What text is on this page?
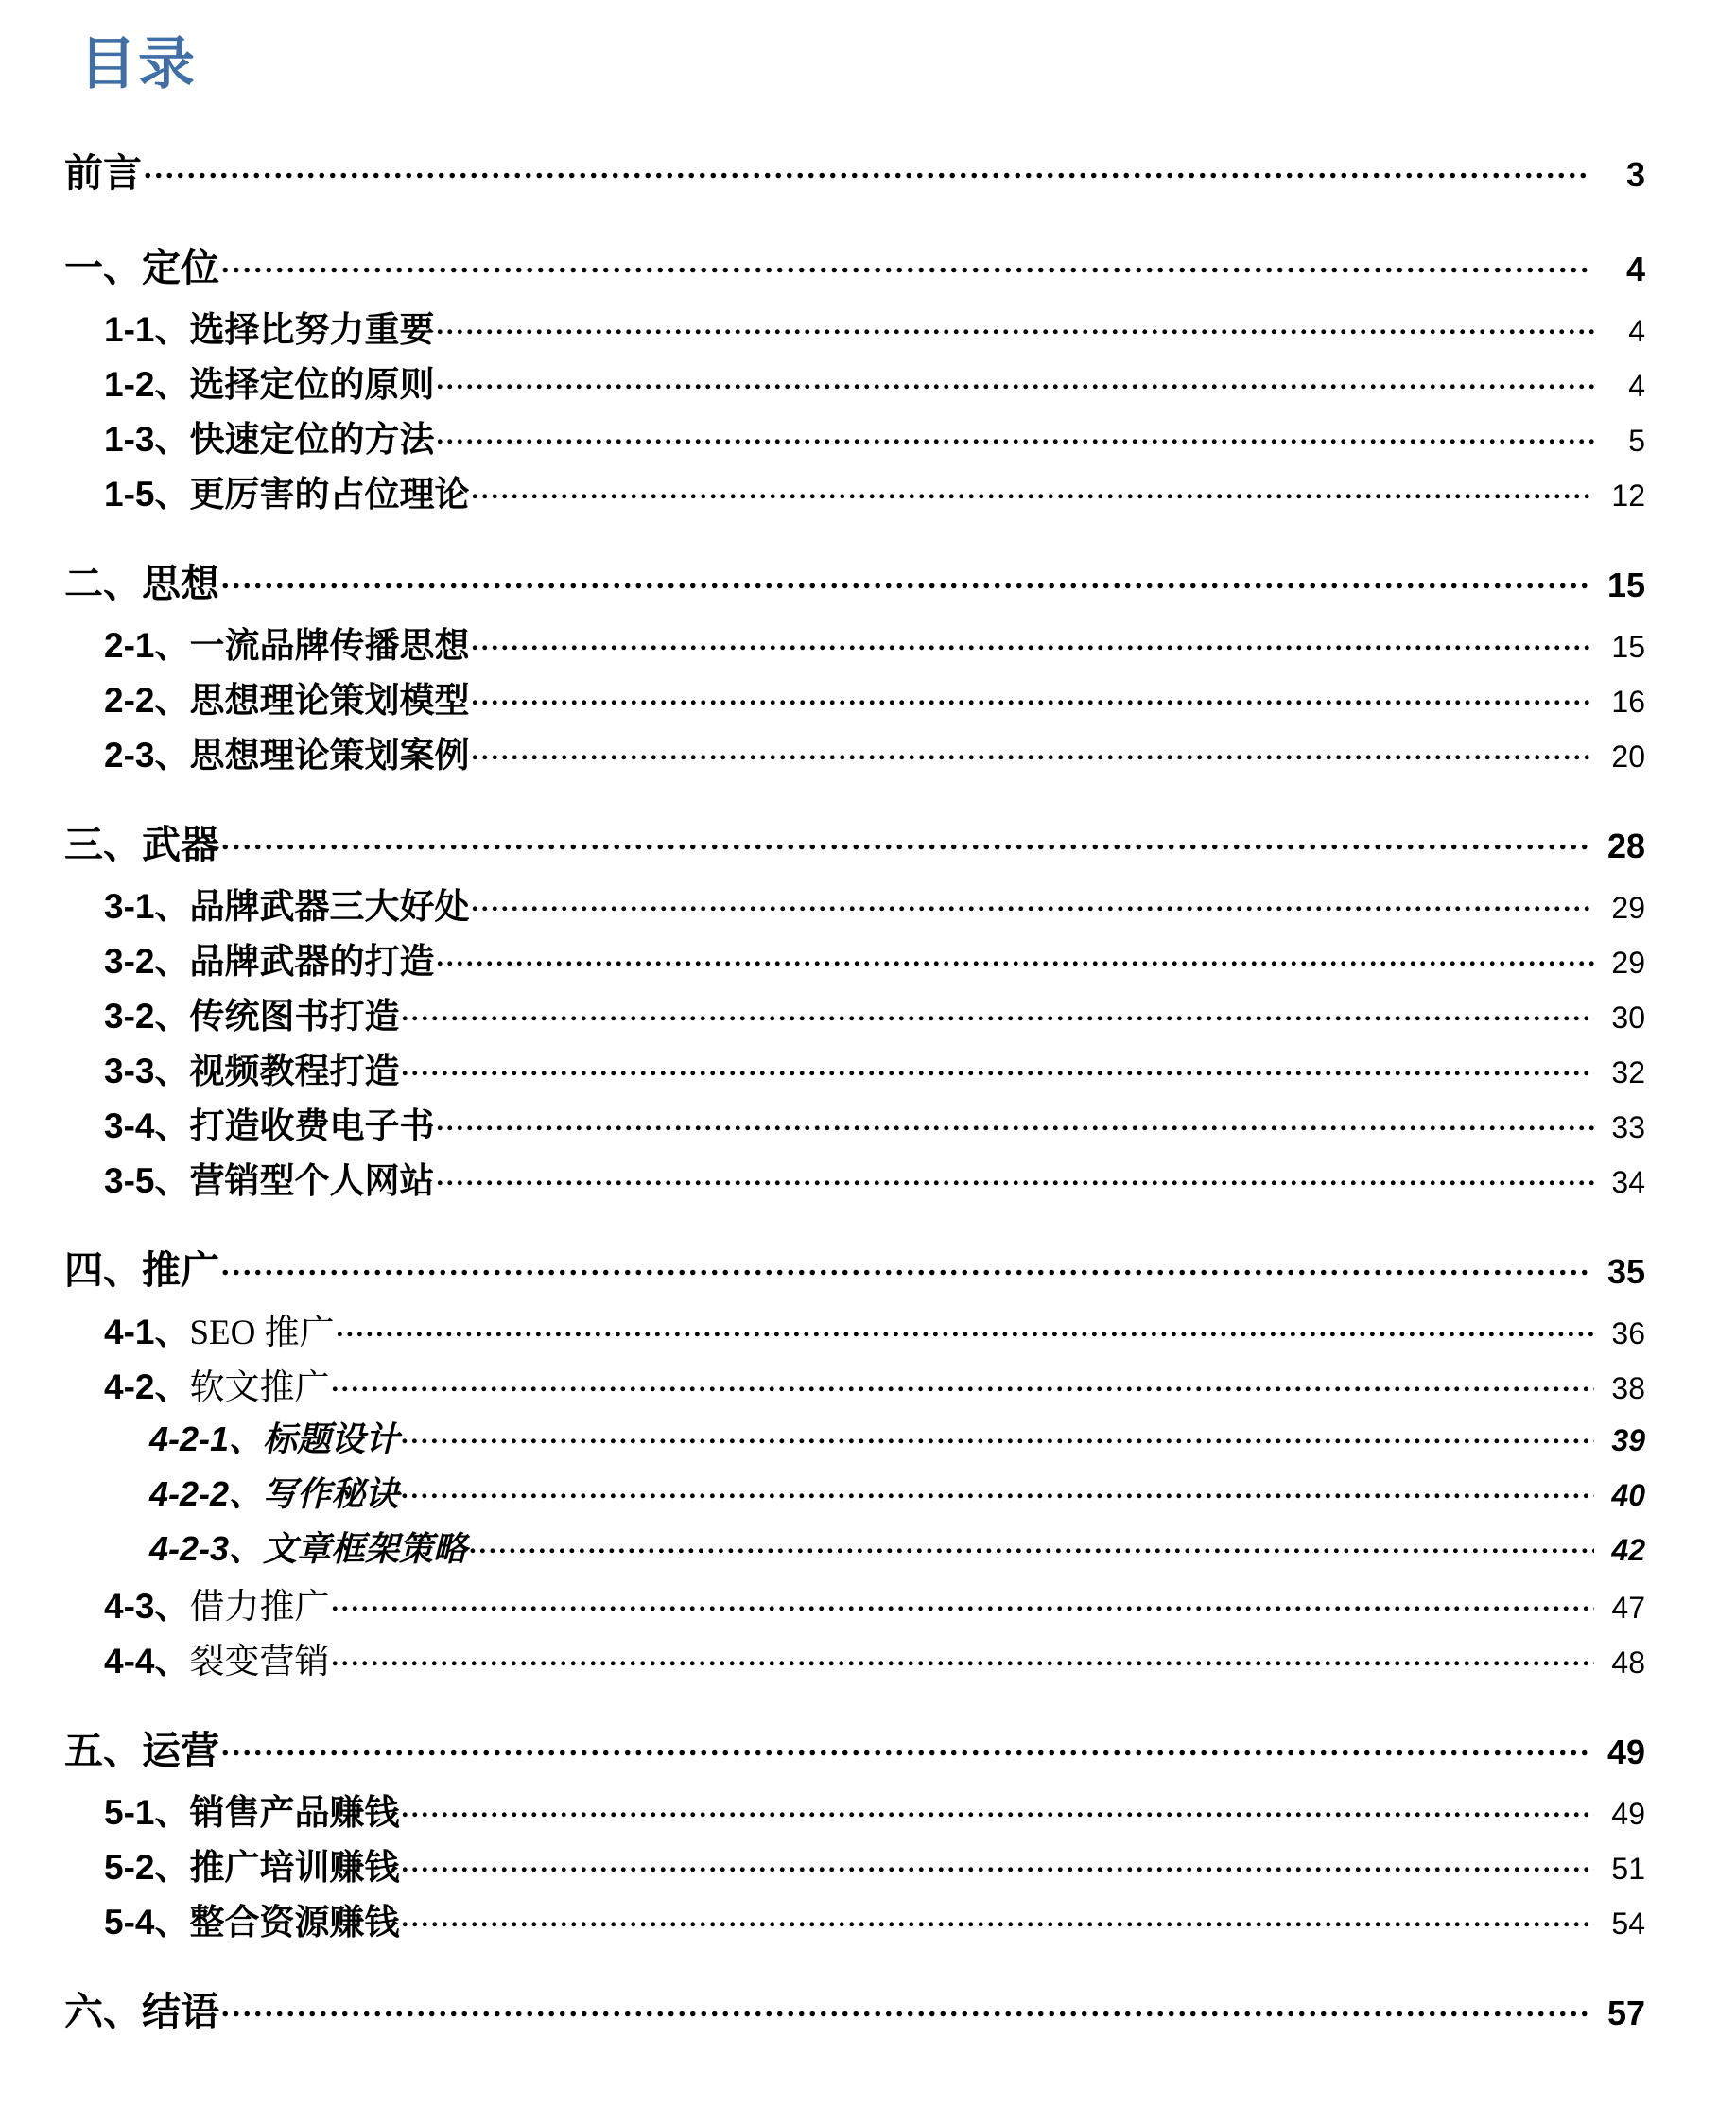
目录
前言 .....	3
一、定位 .....	4
1-1、选择比努力重要 .....	4
1-2、选择定位的原则 .....	4
1-3、快速定位的方法 .....	5
1-5、更厉害的占位理论 .....	12
二、思想 .....	15
2-1、一流品牌传播思想 .....	15
2-2、思想理论策划模型 .....	16
2-3、思想理论策划案例 .....	20
三、武器 .....	28
3-1、品牌武器三大好处 .....	29
3-2、品牌武器的打造 .....	29
3-2、传统图书打造 .....	30
3-3、视频教程打造 .....	32
3-4、打造收费电子书 .....	33
3-5、营销型个人网站 .....	34
四、推广 .....	35
4-1、SEO 推广 .....	36
4-2、软文推广 .....	38
4-2-1、标题设计 .....	39
4-2-2、写作秘诀 .....	40
4-2-3、文章框架策略 .....	42
4-3、借力推广 .....	47
4-4、裂变营销 .....	48
五、运营 .....	49
5-1、销售产品赚钱 .....	49
5-2、推广培训赚钱 .....	51
5-4、整合资源赚钱 .....	54
六、结语 .....	57
